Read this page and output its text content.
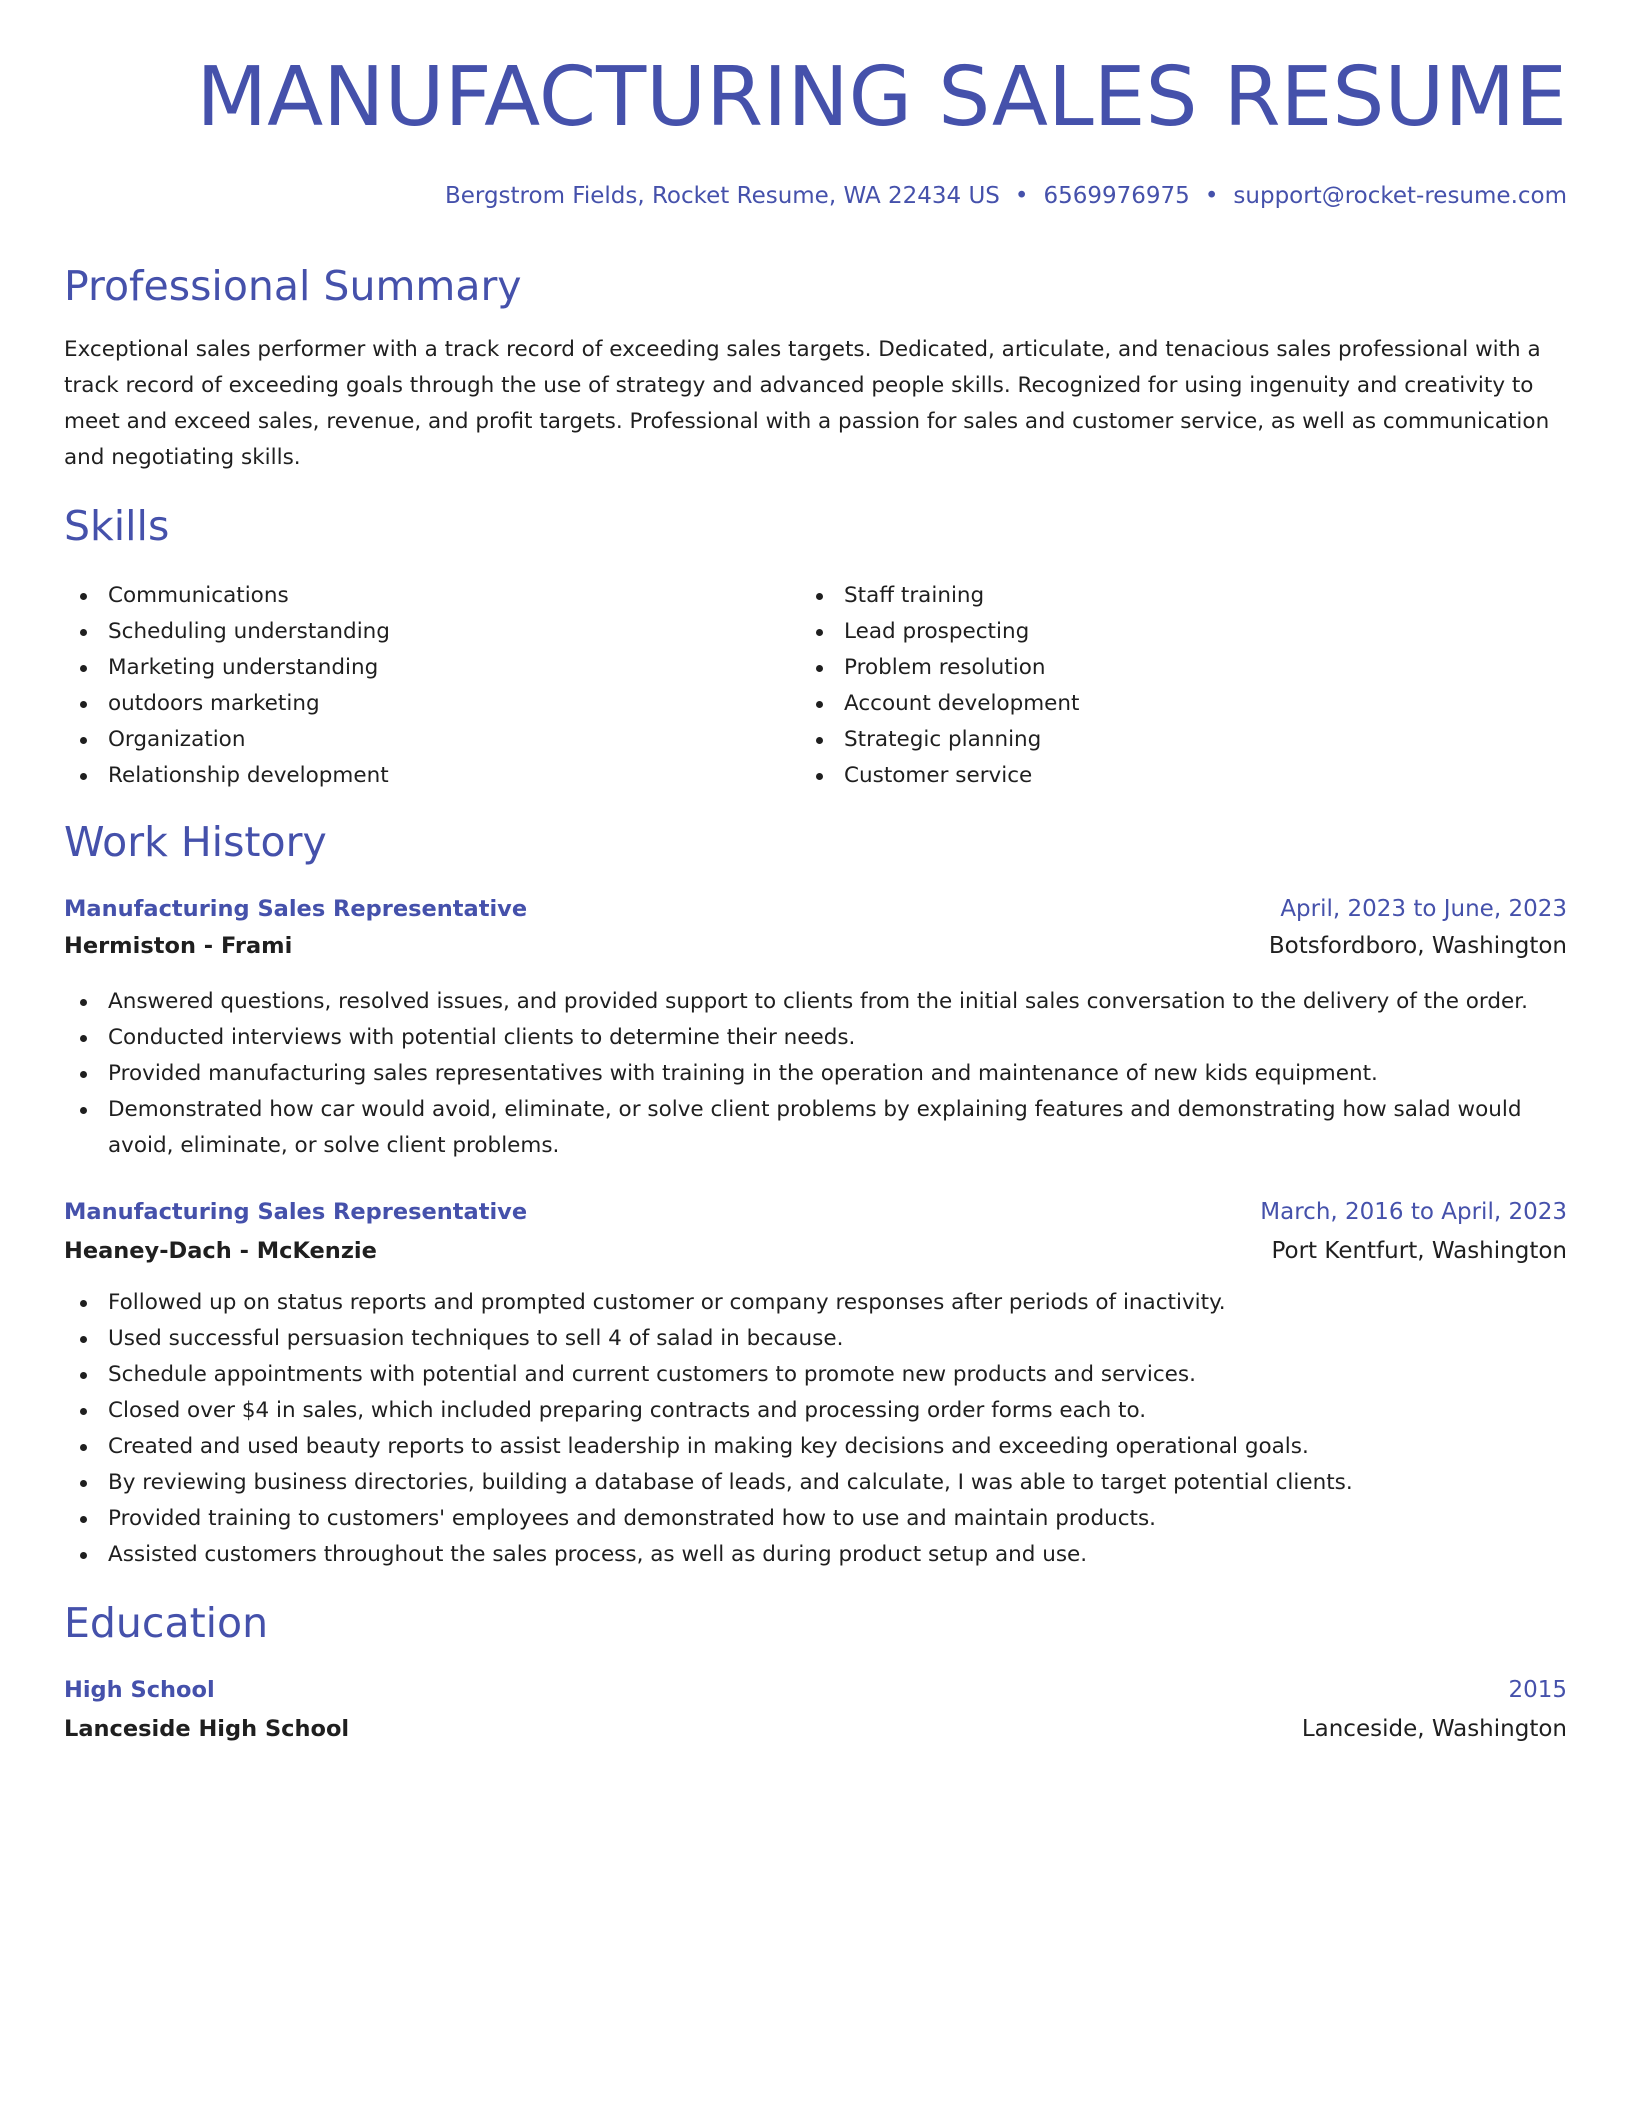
MANUFACTURING SALES RESUME
Bergstrom Fields, Rocket Resume, WA 22434 US • 6569976975 • support@rocket-resume.com
Professional Summary

Exceptional sales performer with a track record of exceeding sales targets. Dedicated, articulate, and tenacious sales professional with a track record of exceeding goals through the use of strategy and advanced people skills. Recognized for using ingenuity and creativity to meet and exceed sales, revenue, and profit targets. Professional with a passion for sales and customer service, as well as communication and negotiating skills.

Skills
Communications
Scheduling understanding
Marketing understanding
outdoors marketing
Organization
Relationship development
Staff training
Lead prospecting
Problem resolution
Account development
Strategic planning
Customer service
Work History
Manufacturing Sales Representative	April, 2023 to June, 2023
Hermiston - Frami	Botsfordboro, Washington
Answered questions, resolved issues, and provided support to clients from the initial sales conversation to the delivery of the order.
Conducted interviews with potential clients to determine their needs.
Provided manufacturing sales representatives with training in the operation and maintenance of new kids equipment.
Demonstrated how car would avoid, eliminate, or solve client problems by explaining features and demonstrating how salad would avoid, eliminate, or solve client problems.
Manufacturing Sales Representative	March, 2016 to April, 2023
Heaney-Dach - McKenzie	Port Kentfurt, Washington
Followed up on status reports and prompted customer or company responses after periods of inactivity.
Used successful persuasion techniques to sell 4 of salad in because.
Schedule appointments with potential and current customers to promote new products and services.
Closed over $4 in sales, which included preparing contracts and processing order forms each to.
Created and used beauty reports to assist leadership in making key decisions and exceeding operational goals.
By reviewing business directories, building a database of leads, and calculate, I was able to target potential clients.
Provided training to customers' employees and demonstrated how to use and maintain products.
Assisted customers throughout the sales process, as well as during product setup and use.
Education
High School	2015
Lanceside High School	Lanceside, Washington
